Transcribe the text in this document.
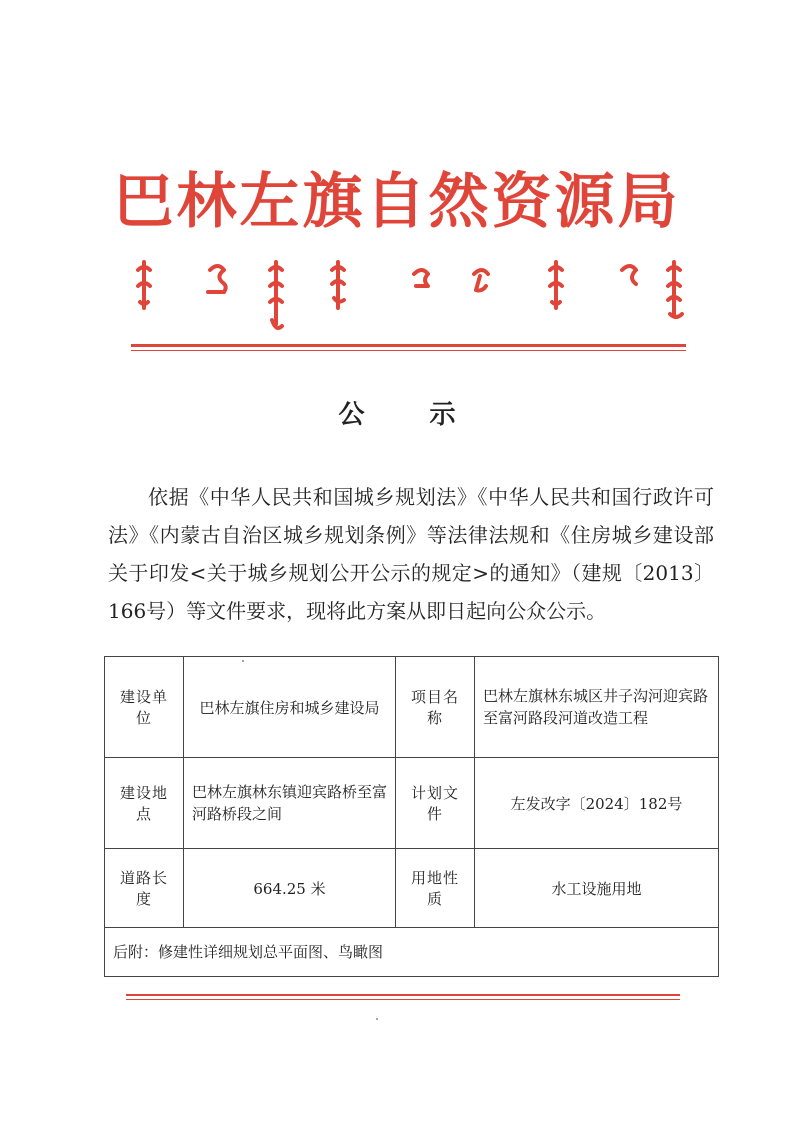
巴林左旗自然资源局
公 示
依据《中华人民共和国城乡规划法》《中华人民共和国行政许可法》《内蒙古自治区城乡规划条例》等法律法规和《住房城乡建设部关于印发<关于城乡规划公开公示的规定>的通知》（建规〔2013〕166号）等文件要求，现将此方案从即日起向公众公示。
建设单位	巴林左旗住房和城乡建设局	项目名称	巴林左旗林东城区井子沟河迎宾路至富河路段河道改造工程
建设地点	巴林左旗林东镇迎宾路桥至富河路桥段之间	计划文件	左发改字〔2024〕182号
道路长度	664.25 米	用地性质	水工设施用地
后附：修建性详细规划总平面图、鸟瞰图			
